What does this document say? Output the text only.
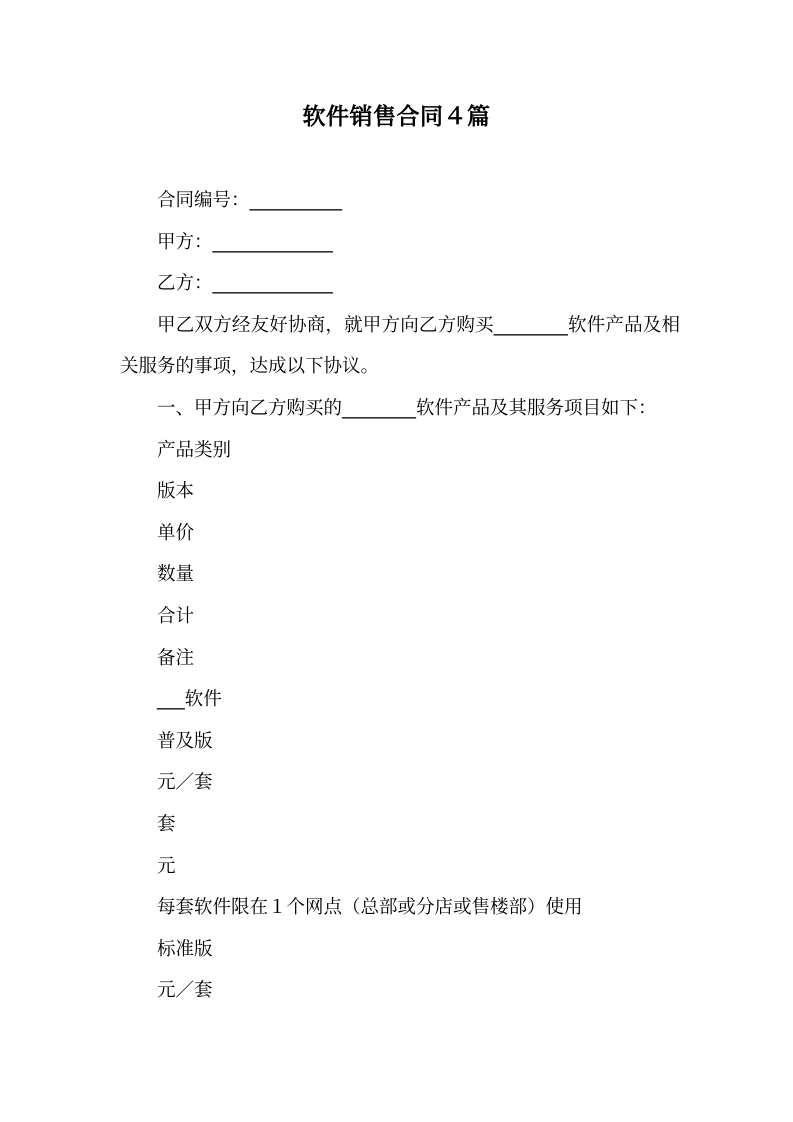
软件销售合同４篇

合同编号：__________

甲方：_____________

乙方：_____________

甲乙双方经友好协商，就甲方向乙方购买________软件产品及相关服务的事项，达成以下协议。

一、甲方向乙方购买的________软件产品及其服务项目如下：

产品类别

版本

单价

数量

合计

备注

___软件

普及版

元／套

套

元

每套软件限在１个网点（总部或分店或售楼部）使用

标准版

元／套
